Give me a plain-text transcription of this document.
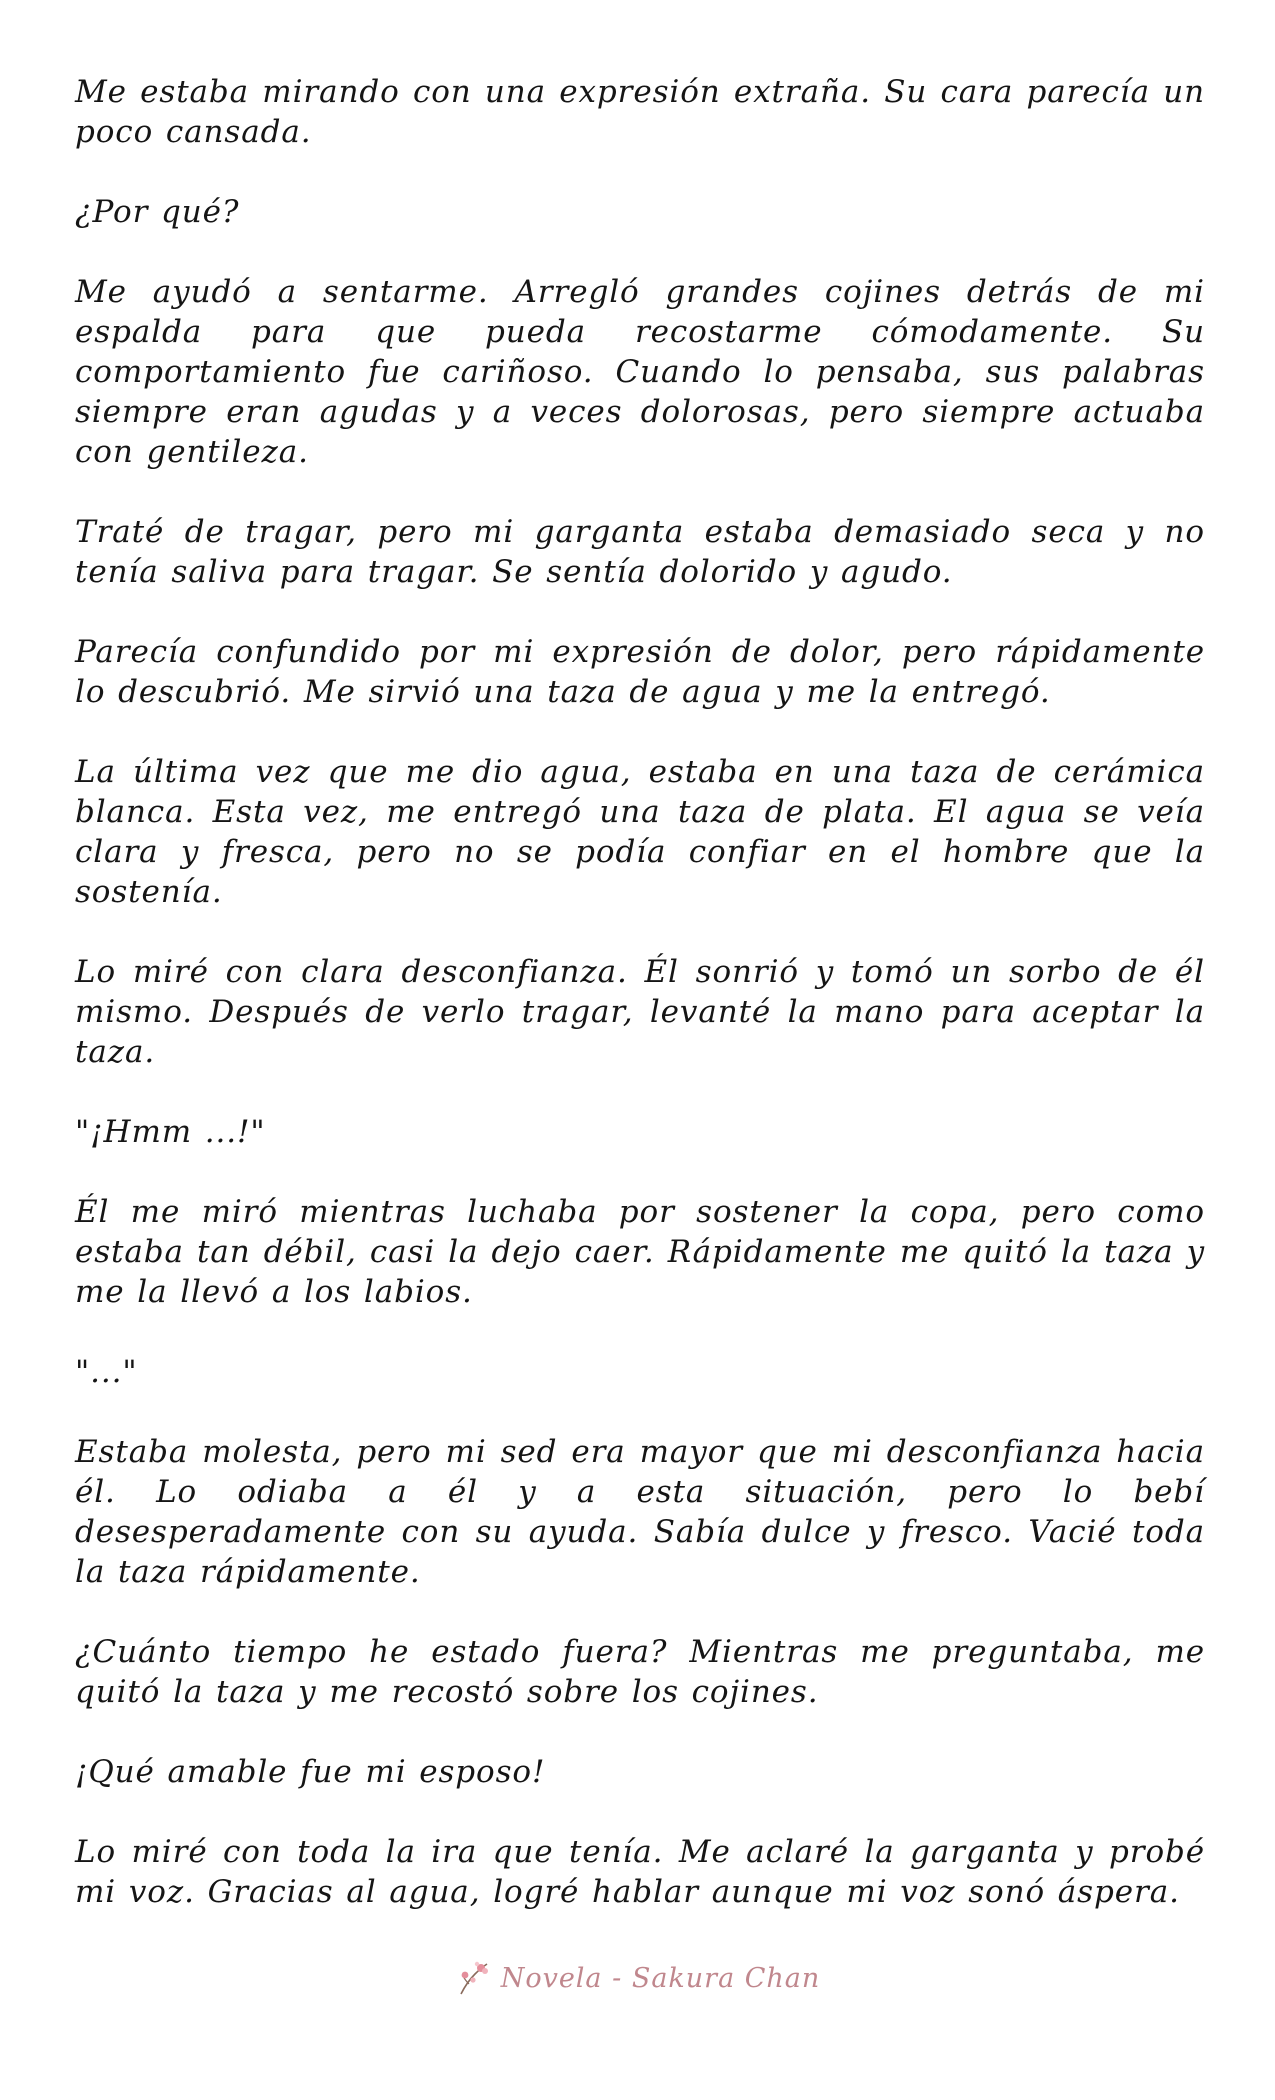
Me estaba mirando con una expresión extraña. Su cara parecía un poco cansada.

¿Por qué?

Me ayudó a sentarme. Arregló grandes cojines detrás de mi espalda para que pueda recostarme cómodamente. Su comportamiento fue cariñoso. Cuando lo pensaba, sus palabras siempre eran agudas y a veces dolorosas, pero siempre actuaba con gentileza.

Traté de tragar, pero mi garganta estaba demasiado seca y no tenía saliva para tragar. Se sentía dolorido y agudo.

Parecía confundido por mi expresión de dolor, pero rápidamente lo descubrió. Me sirvió una taza de agua y me la entregó.

La última vez que me dio agua, estaba en una taza de cerámica blanca. Esta vez, me entregó una taza de plata. El agua se veía clara y fresca, pero no se podía confiar en el hombre que la sostenía.

Lo miré con clara desconfianza. Él sonrió y tomó un sorbo de él mismo. Después de verlo tragar, levanté la mano para aceptar la taza.

"¡Hmm ...!"

Él me miró mientras luchaba por sostener la copa, pero como estaba tan débil, casi la dejo caer. Rápidamente me quitó la taza y me la llevó a los labios.

"..."

Estaba molesta, pero mi sed era mayor que mi desconfianza hacia él. Lo odiaba a él y a esta situación, pero lo bebí desesperadamente con su ayuda. Sabía dulce y fresco. Vacié toda la taza rápidamente.

¿Cuánto tiempo he estado fuera? Mientras me preguntaba, me quitó la taza y me recostó sobre los cojines.

¡Qué amable fue mi esposo!

Lo miré con toda la ira que tenía. Me aclaré la garganta y probé mi voz. Gracias al agua, logré hablar aunque mi voz sonó áspera.

Novela - Sakura Chan
